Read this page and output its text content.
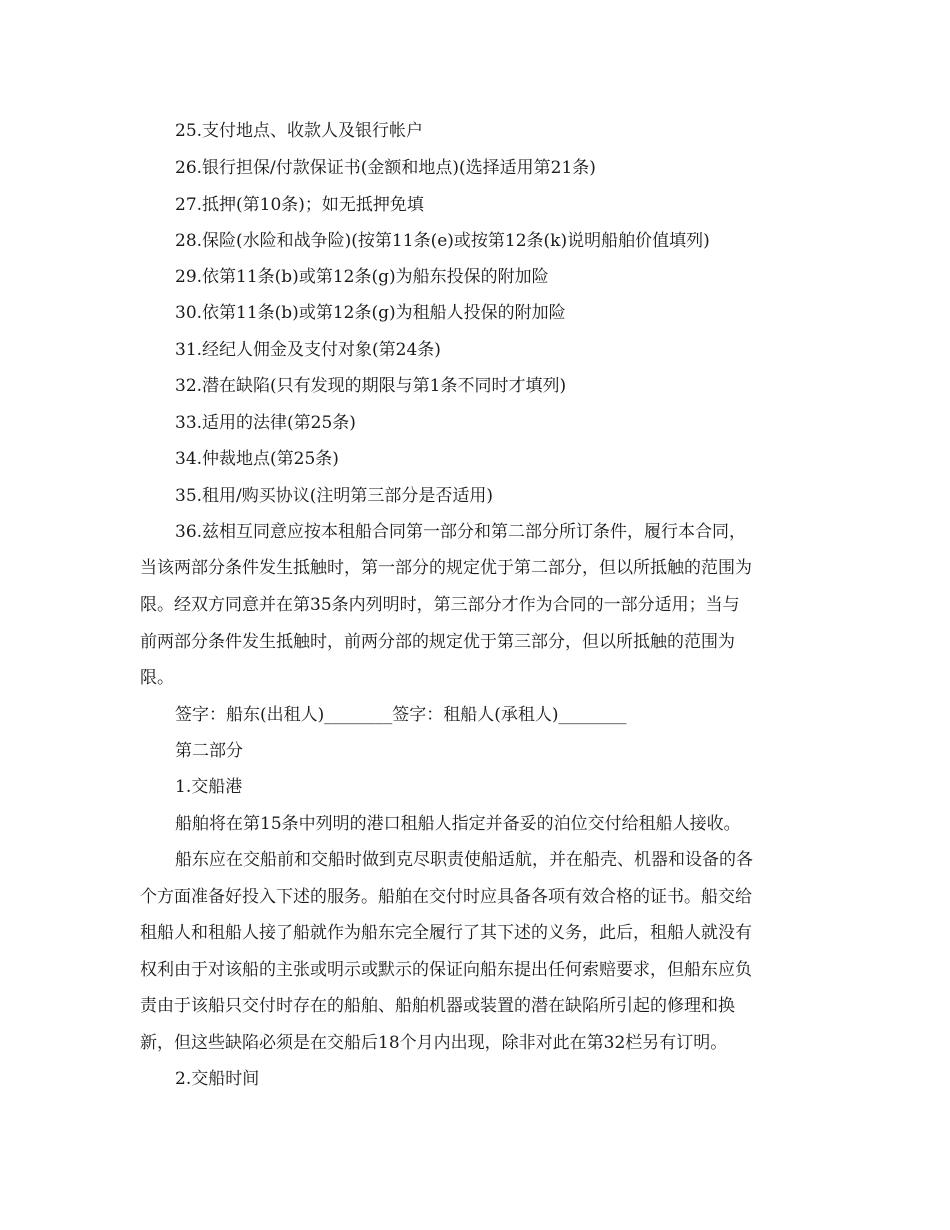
25.支付地点、收款人及银行帐户
26.银行担保/付款保证书(金额和地点)(选择适用第21条)
27.抵押(第10条)；如无抵押免填
28.保险(水险和战争险)(按第11条(e)或按第12条(k)说明船舶价值填列)
29.依第11条(b)或第12条(g)为船东投保的附加险
30.依第11条(b)或第12条(g)为租船人投保的附加险
31.经纪人佣金及支付对象(第24条)
32.潜在缺陷(只有发现的期限与第1条不同时才填列)
33.适用的法律(第25条)
34.仲裁地点(第25条)
35.租用/购买协议(注明第三部分是否适用)
36.兹相互同意应按本租船合同第一部分和第二部分所订条件，履行本合同，
当该两部分条件发生抵触时，第一部分的规定优于第二部分，但以所抵触的范围为
限。经双方同意并在第35条内列明时，第三部分才作为合同的一部分适用；当与
前两部分条件发生抵触时，前两分部的规定优于第三部分，但以所抵触的范围为
限。
签字：船东(出租人)________签字：租船人(承租人)________
第二部分
1.交船港
船舶将在第15条中列明的港口租船人指定并备妥的泊位交付给租船人接收。
船东应在交船前和交船时做到克尽职责使船适航，并在船壳、机器和设备的各
个方面准备好投入下述的服务。船舶在交付时应具备各项有效合格的证书。船交给
租船人和租船人接了船就作为船东完全履行了其下述的义务，此后，租船人就没有
权利由于对该船的主张或明示或默示的保证向船东提出任何索赔要求，但船东应负
责由于该船只交付时存在的船舶、船舶机器或装置的潜在缺陷所引起的修理和换
新，但这些缺陷必须是在交船后18个月内出现，除非对此在第32栏另有订明。
2.交船时间
